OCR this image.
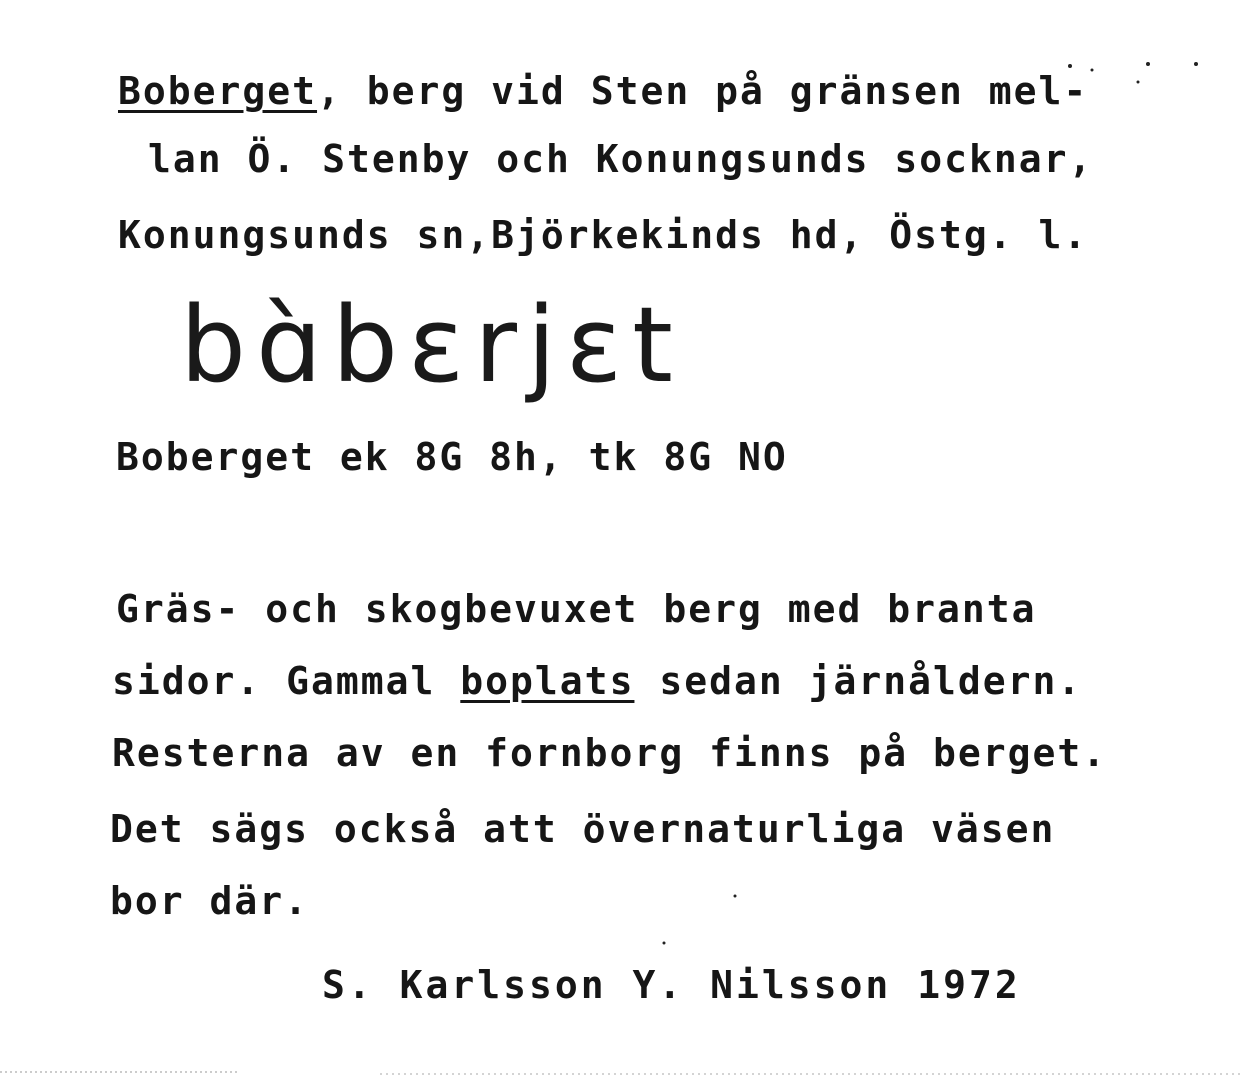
Boberget, berg vid Sten på gränsen mel-
lan Ö. Stenby och Konungsunds socknar,
Konungsunds sn,Björkekinds hd, Östg. l.
bɑ̀bɛrjɛt
Boberget ek 8G 8h, tk 8G NO
Gräs- och skogbevuxet berg med branta
sidor. Gammal boplats sedan järnåldern.
Resterna av en fornborg finns på berget.
Det sägs också att övernaturliga väsen
bor där.
S. Karlsson Y. Nilsson 1972
